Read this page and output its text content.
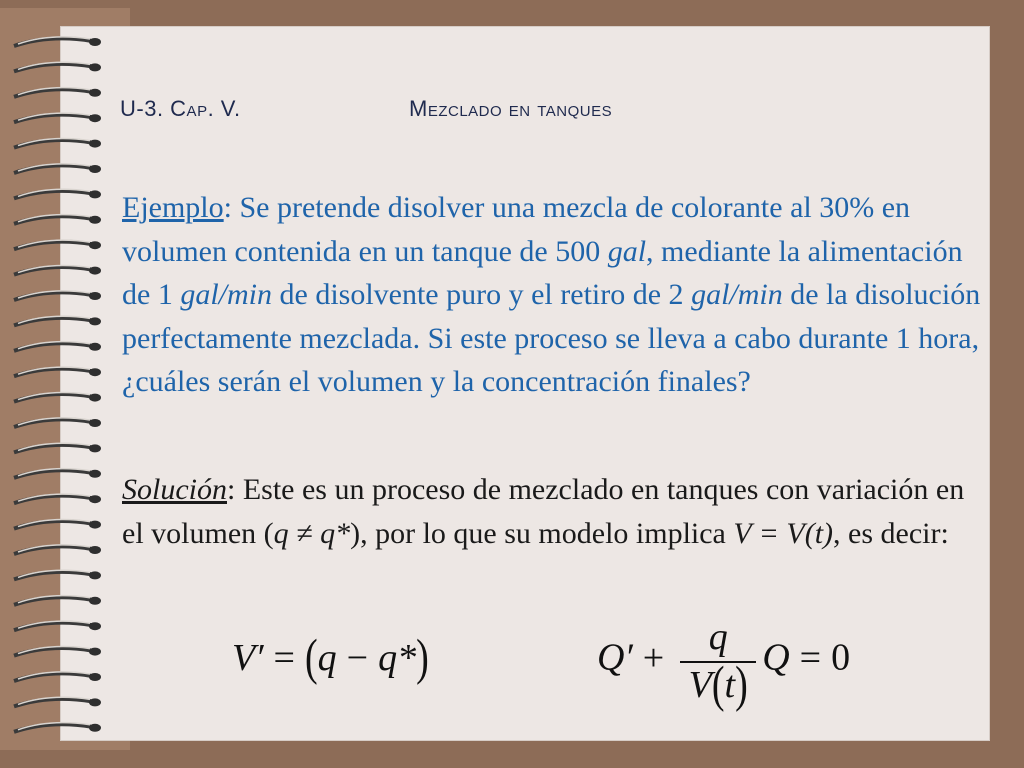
U-3. Cap. V.	Mezclado en tanques
Ejemplo: Se pretende disolver una mezcla de colorante al 30% en volumen contenida en un tanque de 500 gal, mediante la alimentación de 1 gal/min de disolvente puro y el retiro de 2 gal/min de la disolución perfectamente mezclada. Si este proceso se lleva a cabo durante 1 hora, ¿cuáles serán el volumen y la concentración finales?
Solución: Este es un proceso de mezclado en tanques con variación en el volumen (q ≠ q*), por lo que su modelo implica V = V(t), es decir:
V′ = (q − q*)	$Q' + \frac{q}{V(t)}$ Q = 0
